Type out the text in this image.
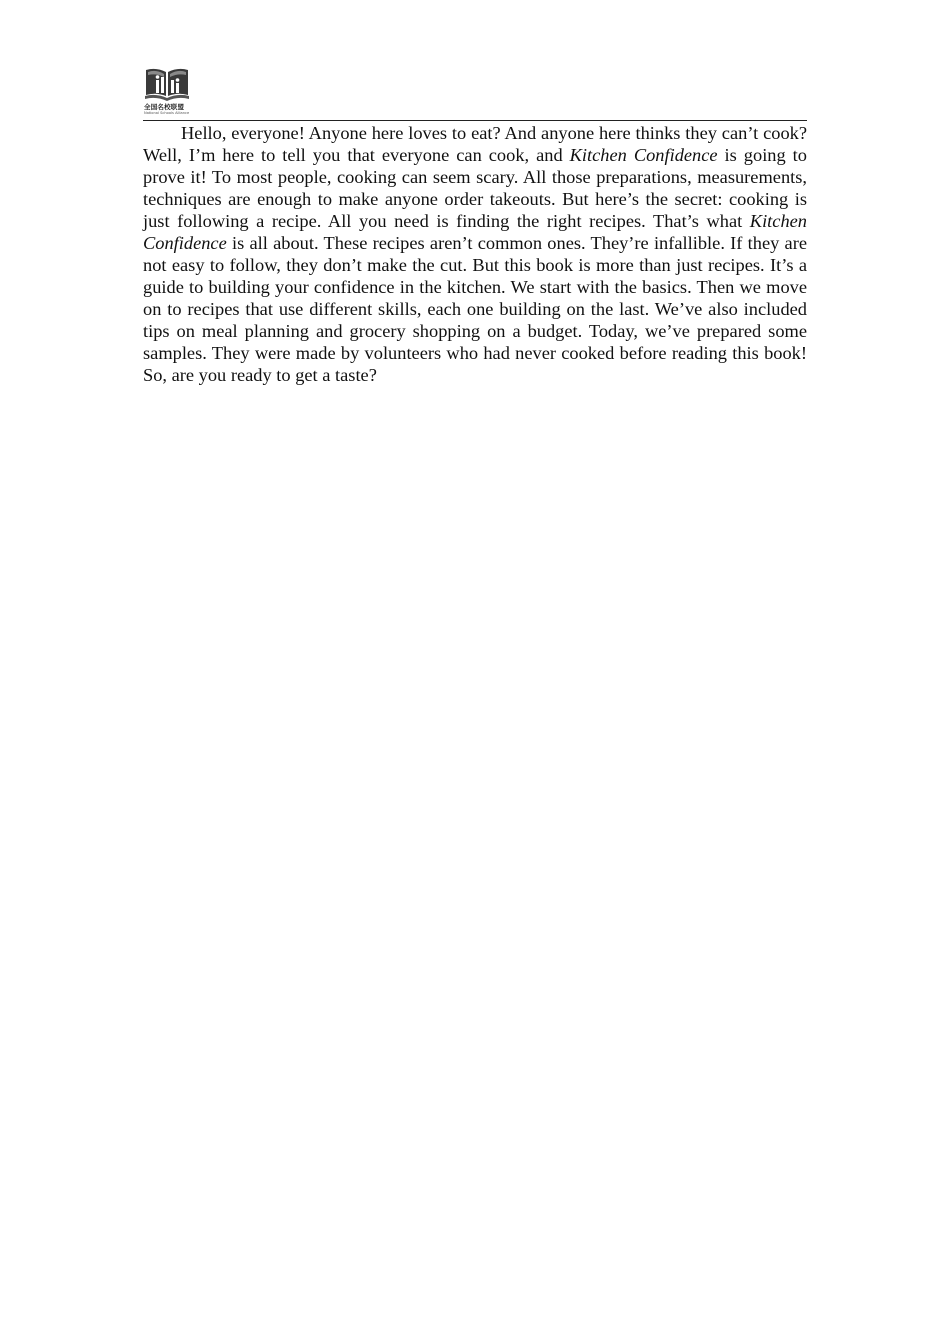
全国名校联盟
National Schools Alliance

Hello, everyone! Anyone here loves to eat? And anyone here thinks they can’t cook? Well, I’m here to tell you that everyone can cook, and Kitchen Confidence is going to prove it! To most people, cooking can seem scary. All those preparations, measurements, techniques are enough to make anyone order takeouts. But here’s the secret: cooking is just following a recipe. All you need is finding the right recipes. That’s what Kitchen Confidence is all about. These recipes aren’t common ones. They’re infallible. If they are not easy to follow, they don’t make the cut. But this book is more than just recipes. It’s a guide to building your confidence in the kitchen. We start with the basics. Then we move on to recipes that use different skills, each one building on the last. We’ve also included tips on meal planning and grocery shopping on a budget. Today, we’ve prepared some samples. They were made by volunteers who had never cooked before reading this book! So, are you ready to get a taste?
